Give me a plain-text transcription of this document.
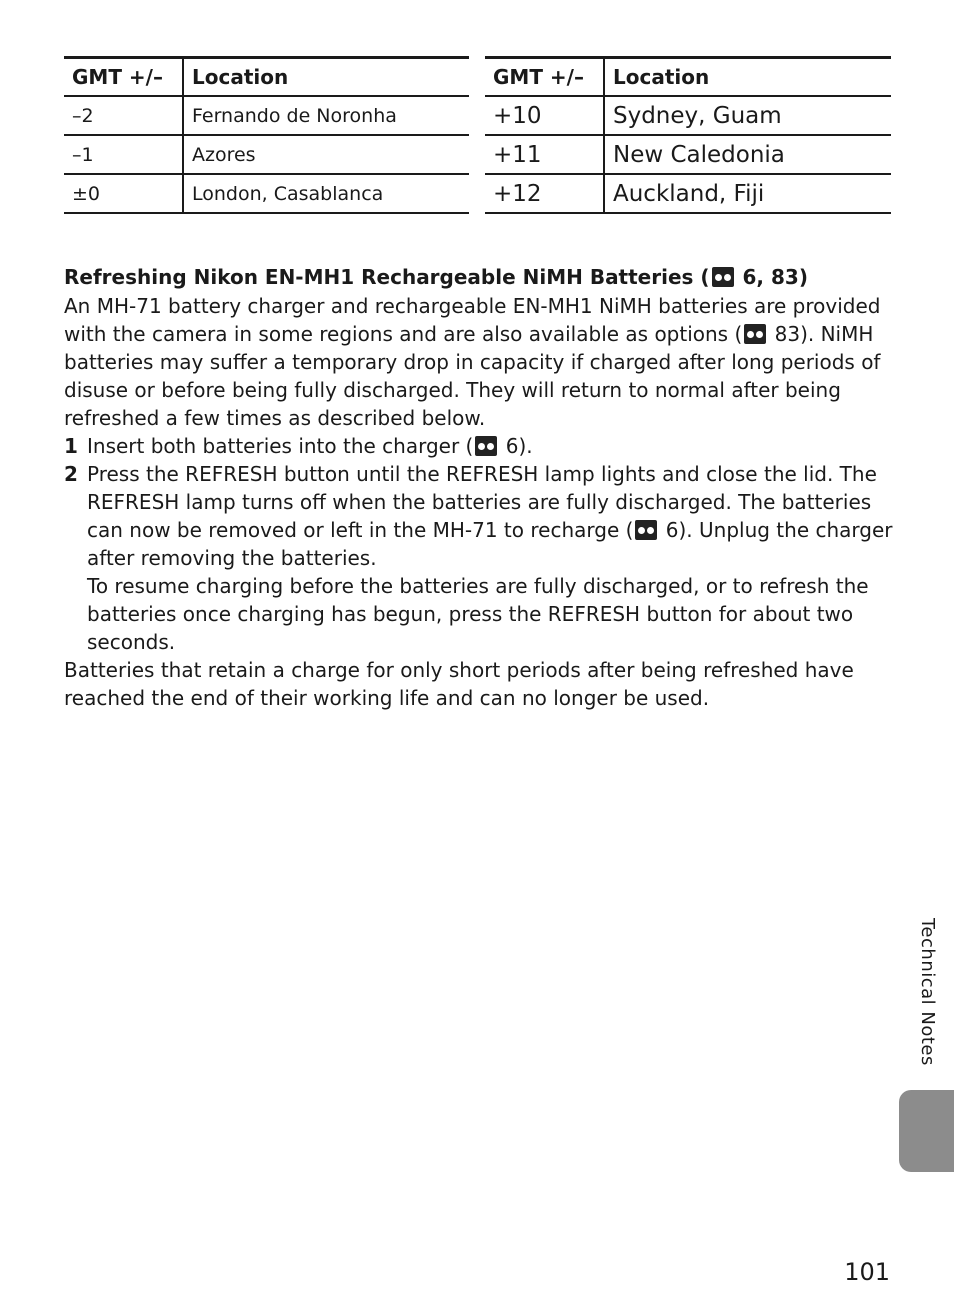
GMT +/–	Location
–2	Fernando de Noronha
–1	Azores
±0	London, Casablanca
GMT +/–	Location
+10	Sydney, Guam
+11	New Caledonia
+12	Auckland, Fiji
Refreshing Nikon EN-MH1 Rechargeable NiMH Batteries ( 6, 83)

An MH-71 battery charger and rechargeable EN-MH1 NiMH batteries are provided with the camera in some regions and are also available as options ( 83). NiMH batteries may suffer a temporary drop in capacity if charged after long periods of disuse or before being fully discharged. They will return to normal after being refreshed a few times as described below.

1 Insert both batteries into the charger ( 6).
2 Press the REFRESH button until the REFRESH lamp lights and close the lid. The REFRESH lamp turns off when the batteries are fully discharged. The batteries can now be removed or left in the MH-71 to recharge ( 6). Unplug the charger after removing the batteries.

To resume charging before the batteries are fully discharged, or to refresh the batteries once charging has begun, press the REFRESH button for about two seconds.

Batteries that retain a charge for only short periods after being refreshed have reached the end of their working life and can no longer be used.

Technical Notes
101
